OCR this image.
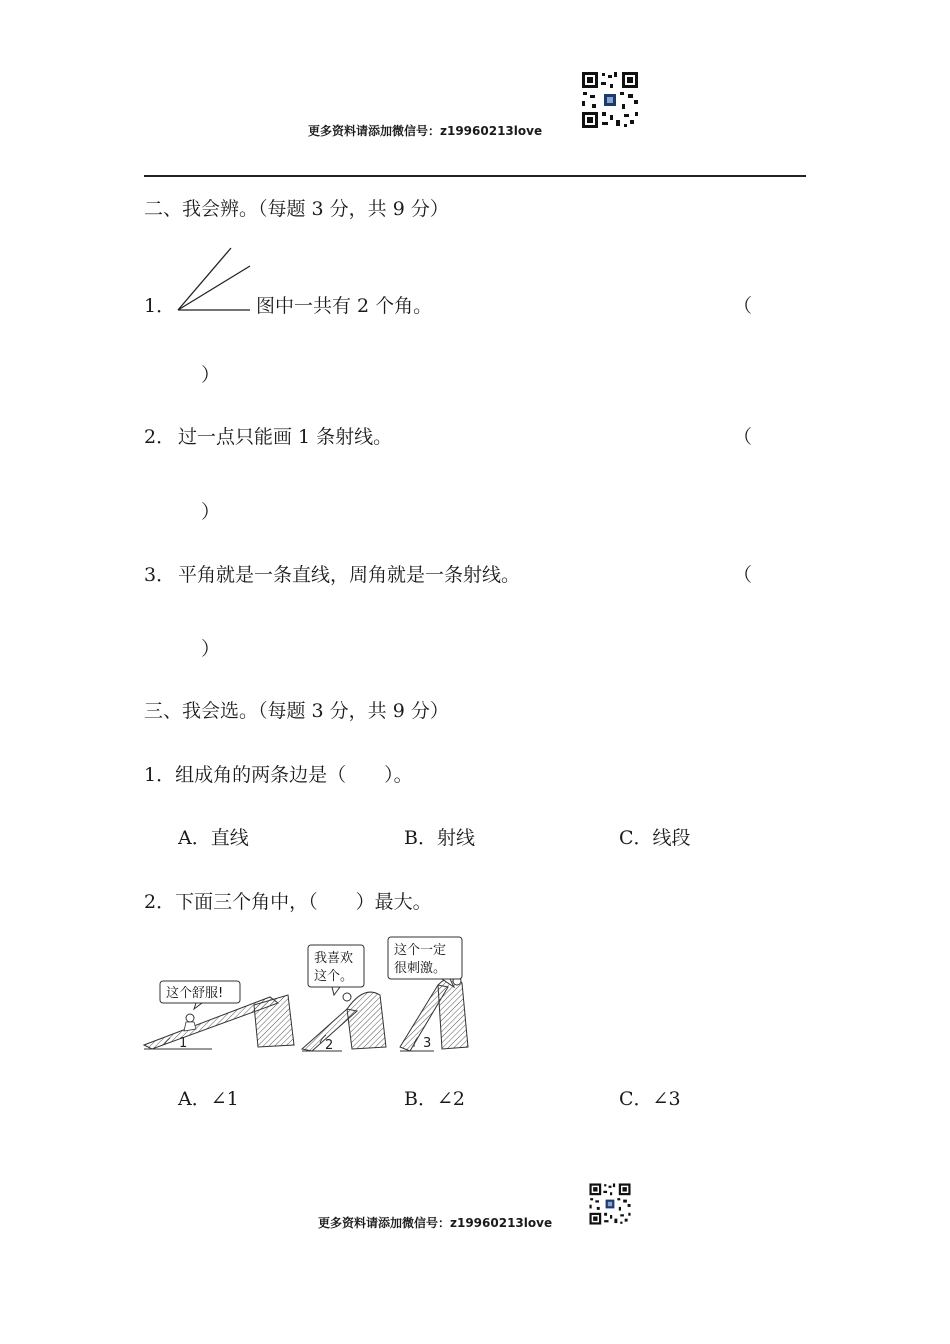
更多资料请添加微信号：z19960213love
二、我会辨。（每题 3 分，共 9 分）
1．	图中一共有 2 个角。	（
）
2． 过一点只能画 1 条射线。	（
）
3． 平角就是一条直线，周角就是一条射线。	（
）
三、我会选。（每题 3 分，共 9 分）
1．组成角的两条边是（　　）。
A．直线	B．射线	C．线段
2．下面三个角中，（　　）最大。
1
这个舒服!
2
我喜欢
这个。
3
这个一定
很刺激。
A．∠1	B．∠2	C．∠3
更多资料请添加微信号：z19960213love
